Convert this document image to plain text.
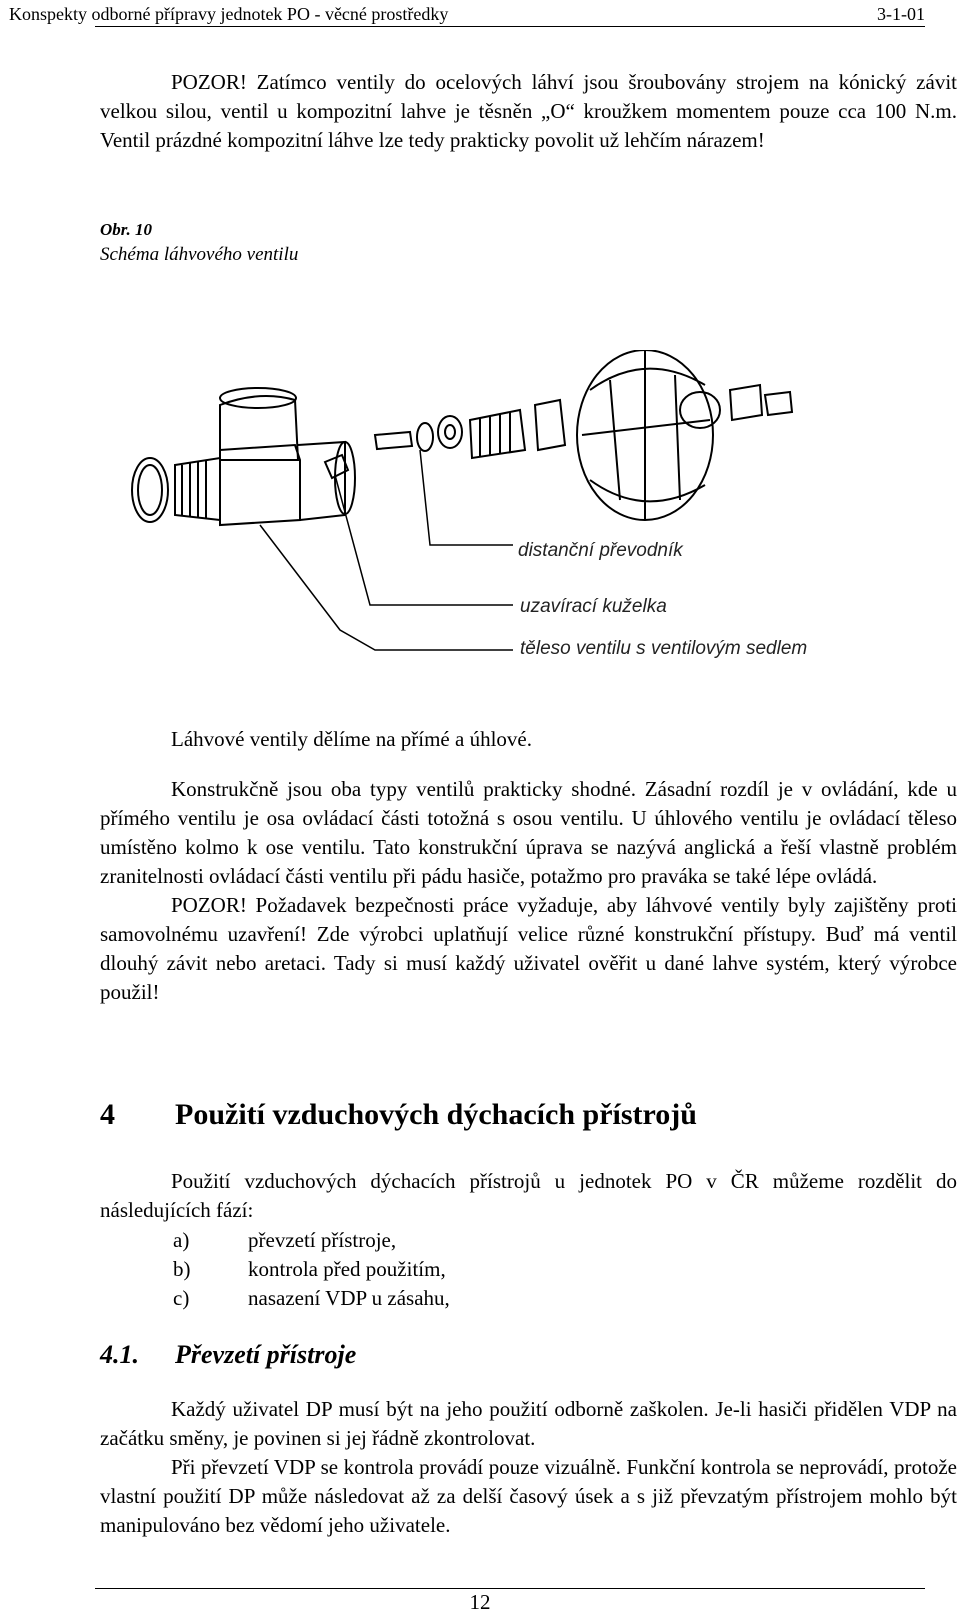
Konspekty odborné přípravy jednotek PO - věcné prostředky	3-1-01
POZOR! Zatímco ventily do ocelových láhví jsou šroubovány strojem na kónický závit velkou silou, ventil u kompozitní lahve je těsněn „O“ kroužkem momentem pouze cca 100 N.m. Ventil prázdné kompozitní láhve lze tedy prakticky povolit už lehčím nárazem!
Obr. 10
Schéma láhvového ventilu
distanční převodník
uzavírací kuželka
těleso ventilu s ventilovým sedlem
Láhvové ventily dělíme na přímé a úhlové.
Konstrukčně jsou oba typy ventilů prakticky shodné. Zásadní rozdíl je v ovládání, kde u přímého ventilu je osa ovládací části totožná s osou ventilu. U úhlového ventilu je ovládací těleso umístěno kolmo k ose ventilu. Tato konstrukční úprava se nazývá anglická a řeší vlastně problém zranitelnosti ovládací části ventilu při pádu hasiče, potažmo pro praváka se také lépe ovládá.
POZOR! Požadavek bezpečnosti práce vyžaduje, aby láhvové ventily byly zajištěny proti samovolnému uzavření! Zde výrobci uplatňují velice různé konstrukční přístupy. Buď má ventil dlouhý závit nebo aretaci. Tady si musí každý uživatel ověřit u dané lahve systém, který výrobce použil!
4 Použití vzduchových dýchacích přístrojů
Použití vzduchových dýchacích přístrojů u jednotek PO v ČR můžeme rozdělit do následujících fází:
a)	převzetí přístroje,
b)	kontrola před použitím,
c)	nasazení VDP u zásahu,
4.1. Převzetí přístroje
Každý uživatel DP musí být na jeho použití odborně zaškolen. Je-li hasiči přidělen VDP na začátku směny, je povinen si jej řádně zkontrolovat.
Při převzetí VDP se kontrola provádí pouze vizuálně. Funkční kontrola se neprovádí, protože vlastní použití DP může následovat až za delší časový úsek a s již převzatým přístrojem mohlo být manipulováno bez vědomí jeho uživatele.
12
